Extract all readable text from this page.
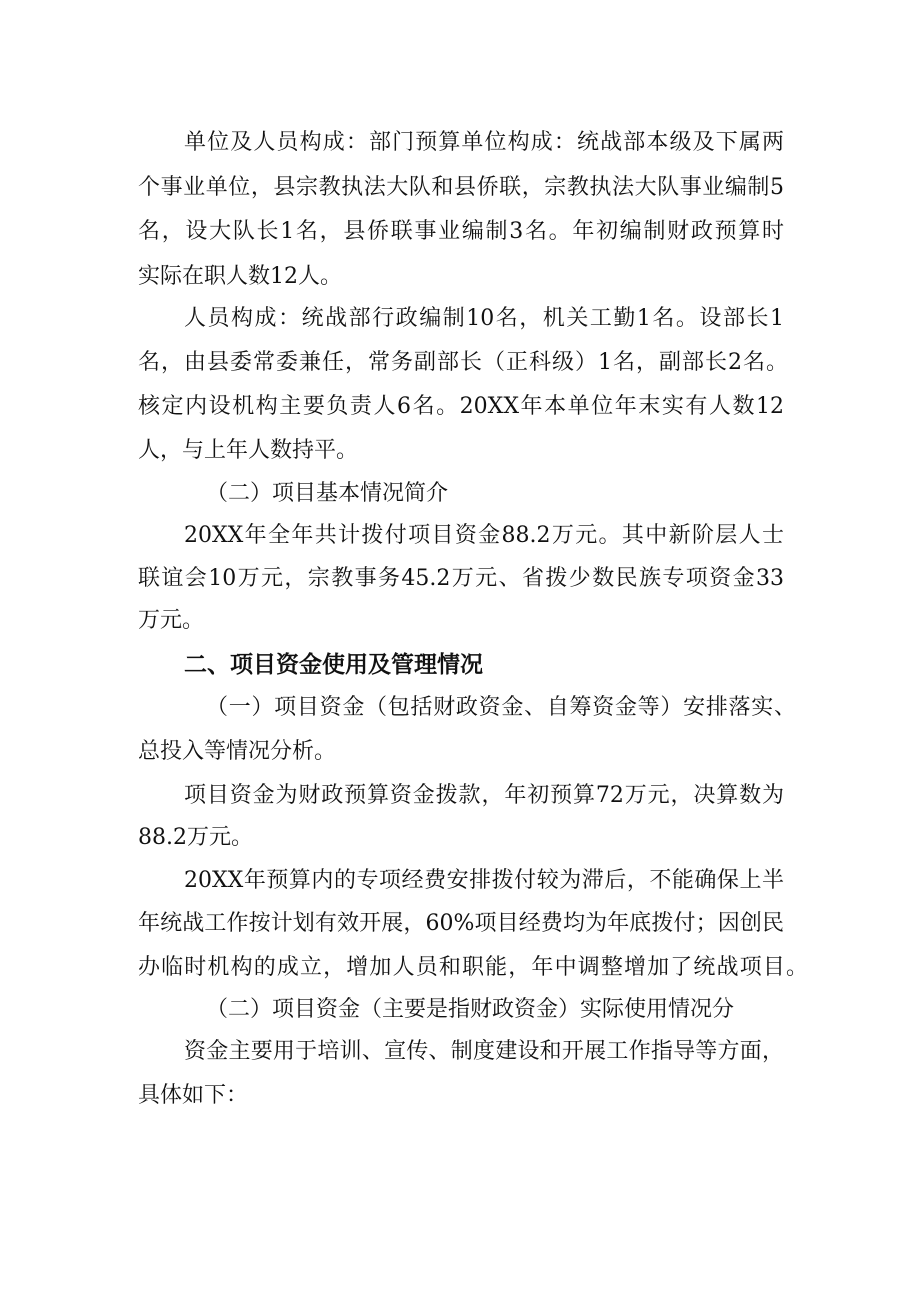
单位及人员构成：部门预算单位构成：统战部本级及下属两

个事业单位，县宗教执法大队和县侨联，宗教执法大队事业编制5

名，设大队长1名，县侨联事业编制3名。年初编制财政预算时

实际在职人数12人。

人员构成：统战部行政编制10名，机关工勤1名。设部长1

名，由县委常委兼任，常务副部长（正科级）1名，副部长2名。

核定内设机构主要负责人6名。20XX年本单位年末实有人数12

人，与上年人数持平。

（二）项目基本情况简介

20XX年全年共计拨付项目资金88.2万元。其中新阶层人士

联谊会10万元，宗教事务45.2万元、省拨少数民族专项资金33

万元。

二、项目资金使用及管理情况

（一）项目资金（包括财政资金、自筹资金等）安排落实、

总投入等情况分析。

项目资金为财政预算资金拨款，年初预算72万元，决算数为

88.2万元。

20XX年预算内的专项经费安排拨付较为滞后，不能确保上半

年统战工作按计划有效开展，60%项目经费均为年底拨付；因创民

办临时机构的成立，增加人员和职能，年中调整增加了统战项目。

（二）项目资金（主要是指财政资金）实际使用情况分

资金主要用于培训、宣传、制度建设和开展工作指导等方面，

具体如下：
